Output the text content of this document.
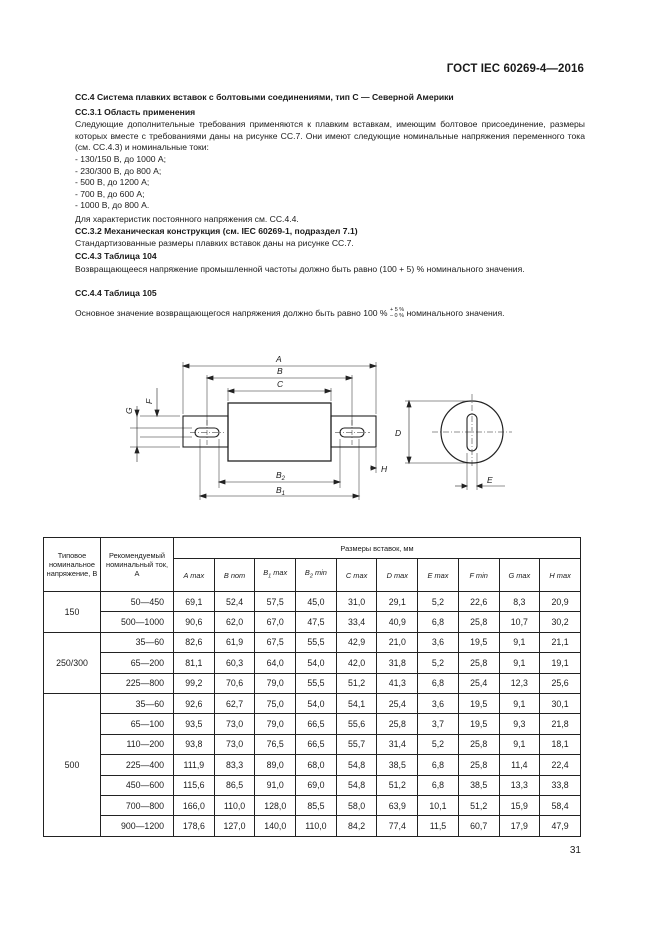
ГОСТ IEC 60269-4—2016
СС.4 Система плавких вставок с болтовыми соединениями, тип С — Северной Америки
СС.3.1 Область применения
Следующие дополнительные требования применяются к плавким вставкам, имеющим болтовое присоединение, размеры которых вместе с требованиями даны на рисунке СС.7. Они имеют следующие номинальные напряжения переменного тока (см. СС.4.3) и номинальные токи:
- 130/150 В, до 1000 А;
- 230/300 В, до 800 А;
- 500 В, до 1200 А;
- 700 В, до 600 А;
- 1000 В, до 800 А.
Для характеристик постоянного напряжения см. СС.4.4.
СС.3.2 Механическая конструкция (см. IEC 60269-1, подраздел 7.1)
Стандартизованные размеры плавких вставок даны на рисунке СС.7.
СС.4.3 Таблица 104
Возвращающееся напряжение промышленной частоты должно быть равно (100 + 5) % номинального значения.
СС.4.4 Таблица 105
Основное значение возвращающегося напряжения должно быть равно 100 % + 5 %
– 0 % номинального значения.
A
B
C
$B_2$
$B_1$
D
E
H
F
G
Типовое номинальное напряжение, В	Рекомендуемый номинальный ток, А	Размеры вставок, мм									
		A max	B nom	$B_1$ max	$B_2$ min	C max	D max	E max	F min	G max	H max
150	50—450	69,1	52,4	57,5	45,0	31,0	29,1	5,2	22,6	8,3	20,9
	500—1000	90,6	62,0	67,0	47,5	33,4	40,9	6,8	25,8	10,7	30,2
250/300	35—60	82,6	61,9	67,5	55,5	42,9	21,0	3,6	19,5	9,1	21,1
	65—200	81,1	60,3	64,0	54,0	42,0	31,8	5,2	25,8	9,1	19,1
	225—800	99,2	70,6	79,0	55,5	51,2	41,3	6,8	25,4	12,3	25,6
500	35—60	92,6	62,7	75,0	54,0	54,1	25,4	3,6	19,5	9,1	30,1
	65—100	93,5	73,0	79,0	66,5	55,6	25,8	3,7	19,5	9,3	21,8
	110—200	93,8	73,0	76,5	66,5	55,7	31,4	5,2	25,8	9,1	18,1
	225—400	111,9	83,3	89,0	68,0	54,8	38,5	6,8	25,8	11,4	22,4
	450—600	115,6	86,5	91,0	69,0	54,8	51,2	6,8	38,5	13,3	33,8
	700—800	166,0	110,0	128,0	85,5	58,0	63,9	10,1	51,2	15,9	58,4
	900—1200	178,6	127,0	140,0	110,0	84,2	77,4	11,5	60,7	17,9	47,9
31
